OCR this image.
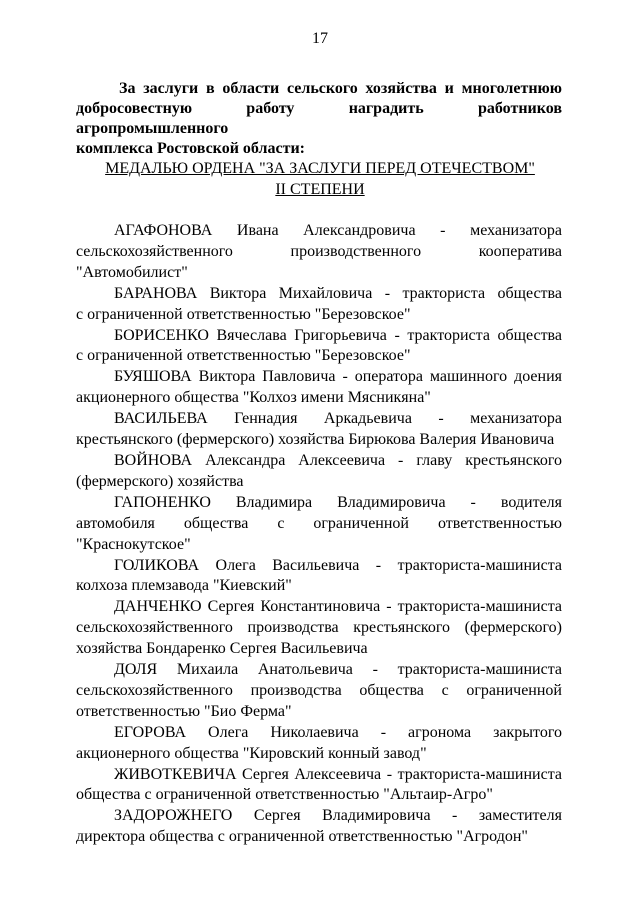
17
За заслуги в области сельского хозяйства и многолетнюю
добросовестную работу наградить работников агропромышленного
комплекса Ростовской области:
МЕДАЛЬЮ ОРДЕНА "ЗА ЗАСЛУГИ ПЕРЕД ОТЕЧЕСТВОМ"
II СТЕПЕНИ
АГАФОНОВА Ивана Александровича - механизатора
сельскохозяйственного производственного кооператива
"Автомобилист"
БАРАНОВА Виктора Михайловича - тракториста общества
с ограниченной ответственностью "Березовское"
БОРИСЕНКО Вячеслава Григорьевича - тракториста общества
с ограниченной ответственностью "Березовское"
БУЯШОВА Виктора Павловича - оператора машинного доения
акционерного общества "Колхоз имени Мясникяна"
ВАСИЛЬЕВА Геннадия Аркадьевича - механизатора
крестьянского (фермерского) хозяйства Бирюкова Валерия Ивановича
ВОЙНОВА Александра Алексеевича - главу крестьянского
(фермерского) хозяйства
ГАПОНЕНКО Владимира Владимировича - водителя
автомобиля общества с ограниченной ответственностью
"Краснокутское"
ГОЛИКОВА Олега Васильевича - тракториста-машиниста
колхоза племзавода "Киевский"
ДАНЧЕНКО Сергея Константиновича - тракториста-машиниста
сельскохозяйственного производства крестьянского (фермерского)
хозяйства Бондаренко Сергея Васильевича
ДОЛЯ Михаила Анатольевича - тракториста-машиниста
сельскохозяйственного производства общества с ограниченной
ответственностью "Био Ферма"
ЕГОРОВА Олега Николаевича - агронома закрытого
акционерного общества "Кировский конный завод"
ЖИВОТКЕВИЧА Сергея Алексеевича - тракториста-машиниста
общества с ограниченной ответственностью "Альтаир-Агро"
ЗАДОРОЖНЕГО Сергея Владимировича - заместителя
директора общества с ограниченной ответственностью "Агродон"
